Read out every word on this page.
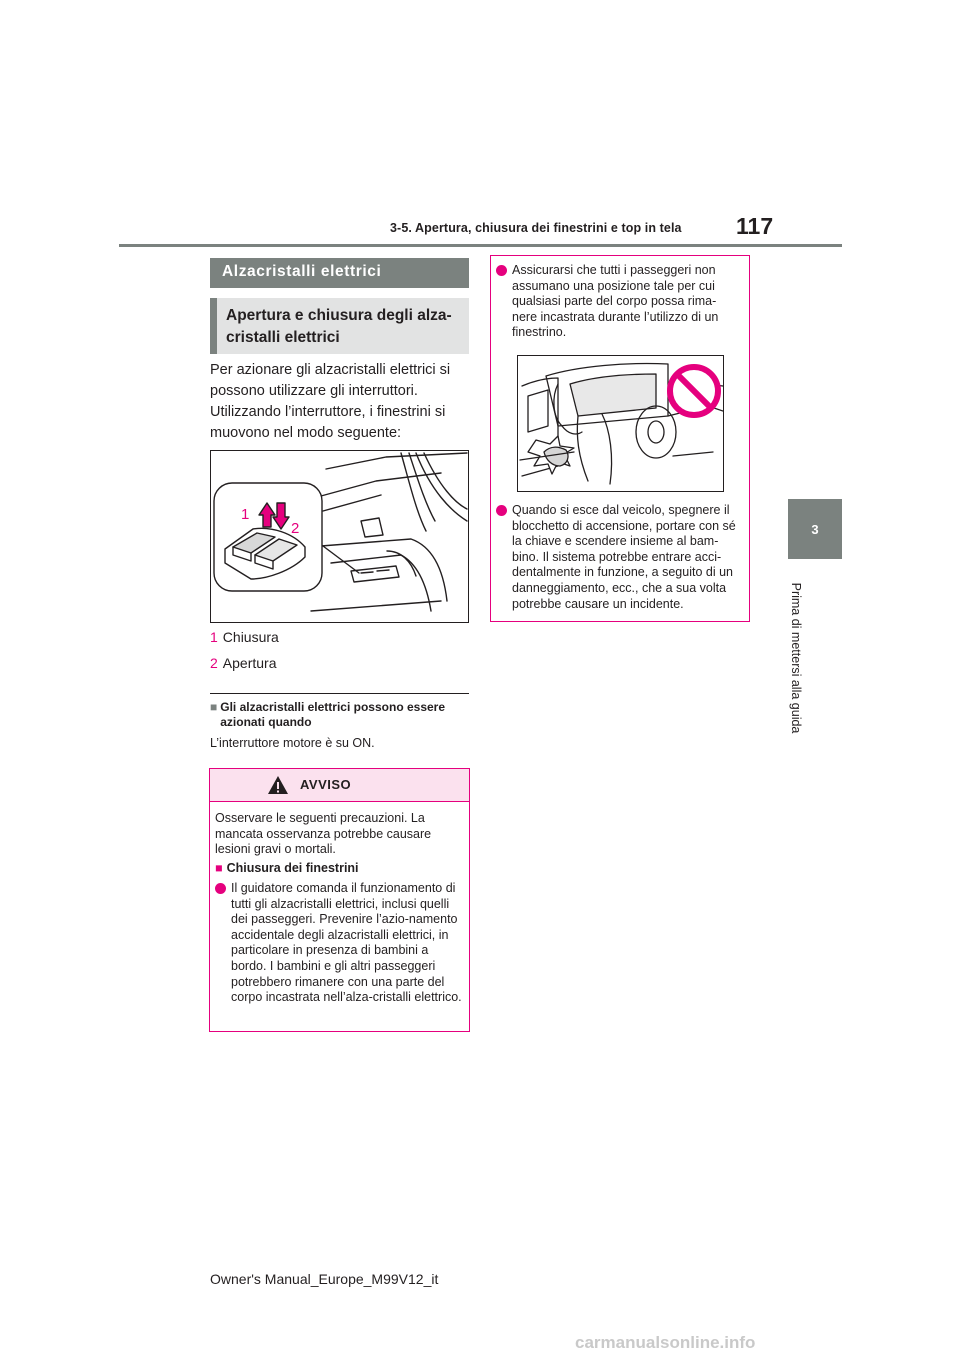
3-5. Apertura, chiusura dei finestrini e top in tela 117
3
Prima di mettersi alla guida
Alzacristalli elettrici
Apertura e chiusura degli alza-cristalli elettrici

Per azionare gli alzacristalli elettrici si possono utilizzare gli interruttori. Utilizzando l’interruttore, i finestrini si muovono nel modo seguente:

1
2
1 Chiusura
2 Apertura
■ Gli alzacristalli elettrici possono essere azionati quando
L’interruttore motore è su ON.
AVVISO
Osservare le seguenti precauzioni. La mancata osservanza potrebbe causare lesioni gravi o mortali.
■ Chiusura dei finestrini
Il guidatore comanda il funzionamento di tutti gli alzacristalli elettrici, inclusi quelli dei passeggeri. Prevenire l’azio-namento accidentale degli alzacristalli elettrici, in particolare in presenza di bambini a bordo. I bambini e gli altri passeggeri potrebbero rimanere con una parte del corpo incastrata nell’alza-cristalli elettrico.
Assicurarsi che tutti i passeggeri non assumano una posizione tale per cui qualsiasi parte del corpo possa rima-nere incastrata durante l’utilizzo di un finestrino.
Quando si esce dal veicolo, spegnere il blocchetto di accensione, portare con sé la chiave e scendere insieme al bam-bino. Il sistema potrebbe entrare acci-dentalmente in funzione, a seguito di un danneggiamento, ecc., che a sua volta potrebbe causare un incidente.
Owner's Manual_Europe_M99V12_it
carmanualsonline.info
